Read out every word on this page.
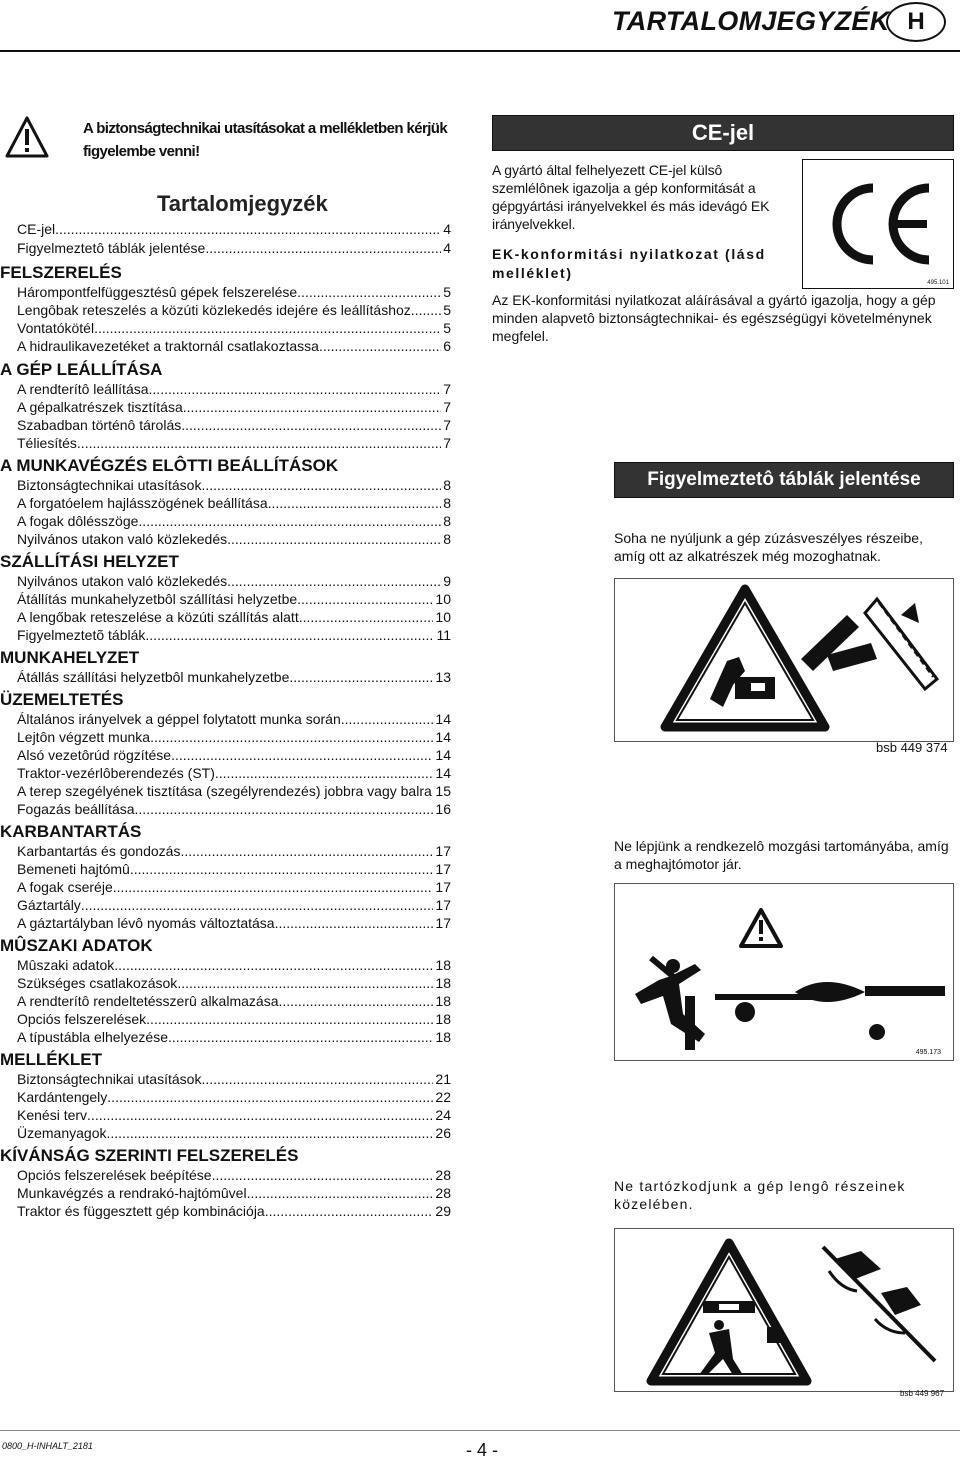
TARTALOMJEGYZÉK H
A biztonságtechnikai utasításokat a mellékletben kérjük figyelembe venni!
Tartalomjegyzék
CE-jel .....	4
Figyelmeztetô táblák jelentése .....	4
FELSZERELÉS
Hárompontfelfüggesztésû gépek felszerelése .....	5
Lengôbak reteszelés a közúti közlekedés idejére és leállításhoz ..... 5
Vontatókötél .....	5
A hidraulikavezetéket a traktornál csatlakoztassa .....	6
A GÉP LEÁLLÍTÁSA
A rendterítô leállítása .....	7
A gépalkatrészek tisztítása .....	7
Szabadban történô tárolás .....	7
Téliesítés .....	7
A MUNKAVÉGZÉS ELÔTTI BEÁLLÍTÁSOK
Biztonságtechnikai utasítások .....	8
A forgatóelem hajlásszögének beállítása .....	8
A fogak dôlésszöge .....	8
Nyilvános utakon való közlekedés .....	8
SZÁLLÍTÁSI HELYZET
Nyilvános utakon való közlekedés .....	9
Átállítás munkahelyzetbôl szállítási helyzetbe .....	10
A lengőbak reteszelése a közúti szállítás alatt .....	10
Figyelmeztetõ táblák .....	11
MUNKAHELYZET
Átállás szállítási helyzetbôl munkahelyzetbe .....	13
ÜZEMELTETÉS
Általános irányelvek a géppel folytatott munka során .....	14
Lejtôn végzett munka .....	14
Alsó vezetôrúd rögzítése .....	14
Traktor-vezérlôberendezés (ST) .....	14
A terep szegélyének tisztítása (szegélyrendezés) jobbra vagy balra ..... 15
Fogazás beállítása .....	16
KARBANTARTÁS
Karbantartás és gondozás .....	17
Bemeneti hajtómû .....	17
A fogak cseréje .....	17
Gáztartály .....	17
A gáztartályban lévô nyomás változtatása .....	17
MÛSZAKI ADATOK
Mûszaki adatok .....	18
Szükséges csatlakozások .....	18
A rendterítô rendeltetésszerû alkalmazása .....	18
Opciós felszerelések .....	18
A típustábla elhelyezése .....	18
MELLÉKLET
Biztonságtechnikai utasítások .....	21
Kardántengely .....	22
Kenési terv .....	24
Üzemanyagok .....	26
KÍVÁNSÁG SZERINTI FELSZERELÉS
Opciós felszerelések beépítése .....	28
Munkavégzés a rendrakó-hajtómûvel .....	28
Traktor és függesztett gép kombinációja .....	29
CE-jel
A gyártó által felhelyezett CE-jel külsô szemlélônek igazolja a gép konformitását a gépgyártási irányelvekkel és más idevágó EK irányelvekkel.
EK-konformitási nyilatkozat (lásd melléklet)
Az EK-konformitási nyilatkozat aláírásával a gyártó igazolja, hogy a gép minden alapvetô biztonságtechnikai- és egészségügyi követelménynek megfelel.
495.101
Figyelmeztetô táblák jelentése
Soha ne nyúljunk a gép zúzásveszélyes részeibe, amíg ott az alkatrészek még mozoghatnak.
bsb 449 374
Ne lépjünk a rendkezelô mozgási tartományába, amíg a meghajtómotor jár.
495.173
Ne tartózkodjunk a gép lengô részeinek közelében.
bsb 449 967
0800_H-INHALT_2181	- 4 -
